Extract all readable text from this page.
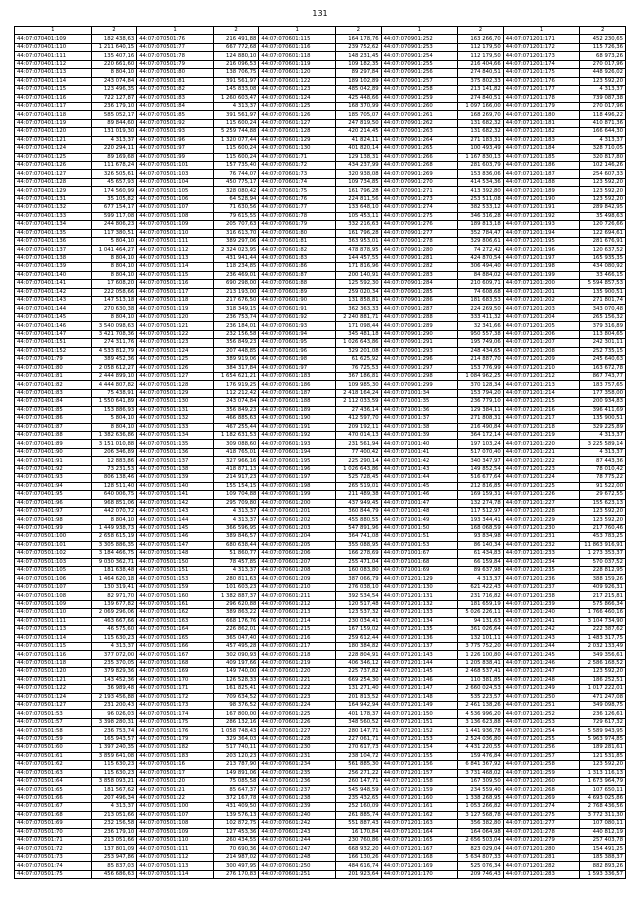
131
1	2	1	2	1	2	1	2	1	2
44:07:070401:109	182 438,63	44:07:070501:76	216 491,88	44:07:070601:115	164 178,76	44:07:070901:252	163 266,70	44:07:071201:171	452 230,65
44:07:070401:110	1 211 640,15	44:07:070501:77	667 772,68	44:07:070601:116	239 752,62	44:07:070901:253	112 179,50	44:07:071201:172	115 726,36
44:07:070401:111	135 407,16	44:07:070501:78	124 880,10	44:07:070601:118	148 231,45	44:07:070901:254	112 179,50	44:07:071201:173	68 973,26
44:07:070401:112	220 661,60	44:07:070501:79	216 096,53	44:07:070601:119	109 182,35	44:07:070901:255	216 404,66	44:07:071201:174	270 017,96
44:07:070401:113	8 804,10	44:07:070501:80	138 706,75	44:07:070601:120	89 297,84	44:07:070901:256	274 840,51	44:07:071201:175	448 926,02
44:07:070401:114	243 074,84	44:07:070501:81	391 561,97	44:07:070601:122	189 102,89	44:07:070901:257	375 802,33	44:07:071201:176	123 592,20
44:07:070401:115	123 496,35	44:07:070501:82	145 833,08	44:07:070601:123	485 042,89	44:07:070901:258	213 141,82	44:07:071201:177	4 313,37
44:07:070401:116	722 127,87	44:07:070501:83	1 260 603,47	44:07:070601:124	425 448,66	44:07:070901:259	274 840,51	44:07:071201:178	739 087,38
44:07:070401:117	236 179,10	44:07:070501:84	4 313,37	44:07:070601:125	168 370,99	44:07:070901:260	1 097 166,00	44:07:071201:179	270 017,96
44:07:070401:118	585 052,17	44:07:070501:85	391 561,97	44:07:070601:126	185 705,07	44:07:070901:261	168 269,70	44:07:071201:180	118 496,22
44:07:070401:119	89 844,60	44:07:070501:92	115 600,24	44:07:070601:127	247 819,50	44:07:070901:262	131 682,32	44:07:071201:181	410 871,36
44:07:070401:120	131 019,30	44:07:070501:93	5 259 744,88	44:07:070601:128	420 214,45	44:07:070901:263	131 682,32	44:07:071201:182	166 644,30
44:07:070401:121	4 313,37	44:07:070501:96	1 320 077,44	44:07:070601:129	41 824,11	44:07:070901:264	271 183,31	44:07:071201:183	4 313,37
44:07:070401:124	220 294,11	44:07:070501:97	115 600,24	44:07:070601:130	401 820,14	44:07:070901:265	100 493,49	44:07:071201:184	328 710,05
44:07:070401:125	89 169,68	44:07:070501:99	115 600,24	44:07:070601:71	129 138,31	44:07:070901:266	1 167 830,13	44:07:071201:185	320 817,80
44:07:070401:126	111 678,24	44:07:070501:101	157 735,40	44:07:070601:72	434 237,99	44:07:070901:268	281 603,79	44:07:071201:186	102 146,26
44:07:070401:127	326 505,61	44:07:070501:103	76 744,07	44:07:070601:73	320 938,08	44:07:070901:269	153 836,06	44:07:071201:187	254 607,33
44:07:070401:128	45 657,93	44:07:070501:104	450 775,17	44:07:070601:74	109 734,85	44:07:070901:270	414 534,36	44:07:071201:188	123 592,20
44:07:070401:129	174 560,99	44:07:070501:105	328 080,42	44:07:070601:75	161 796,28	44:07:070901:271	413 392,80	44:07:071201:189	123 592,20
44:07:070401:131	35 105,82	44:07:070501:106	64 528,94	44:07:070601:76	224 811,56	44:07:070901:273	253 511,08	44:07:071201:190	123 592,20
44:07:070401:132	677 154,17	44:07:070501:107	71 630,56	44:07:070601:77	133 648,10	44:07:070901:274	382 533,12	44:07:071201:191	289 842,95
44:07:070401:133	599 117,08	44:07:070501:108	79 615,55	44:07:070601:78	105 453,11	44:07:070901:275	346 316,28	44:07:071201:192	35 498,63
44:07:070401:134	244 806,23	44:07:070501:109	205 707,63	44:07:070601:79	332 216,63	44:07:070901:276	189 813,18	44:07:071201:193	120 726,66
44:07:070401:135	117 380,51	44:07:070501:110	316 613,70	44:07:070601:80	161 796,28	44:07:070901:277	352 784,47	44:07:071201:194	122 694,61
44:07:070401:136	5 804,10	44:07:070501:111	389 297,06	44:07:070601:81	363 953,01	44:07:070901:278	329 806,61	44:07:071201:195	281 676,91
44:07:070401:137	1 041 464,27	44:07:070501:112	2 324 023,95	44:07:070601:82	478 878,95	44:07:070901:280	74 272,42	44:07:071201:196	120 637,52
44:07:070401:138	8 804,10	44:07:070501:113	431 941,44	44:07:070601:83	144 457,55	44:07:070901:281	424 870,54	44:07:071201:197	165 935,35
44:07:070401:139	8 804,10	44:07:070501:114	118 234,85	44:07:070601:86	171 816,96	44:07:070901:282	306 494,40	44:07:071201:198	434 080,92
44:07:070401:140	8 804,10	44:07:070501:115	236 469,01	44:07:070601:87	200 140,91	44:07:070901:283	84 884,02	44:07:071201:199	33 466,15
44:07:070401:141	17 608,20	44:07:070501:116	690 298,00	44:07:070601:88	125 592,30	44:07:070901:284	210 609,71	44:07:071201:200	5 594 857,53
44:07:070401:142	222 058,66	44:07:070501:117	213 193,00	44:07:070601:89	259 020,34	44:07:070901:285	74 608,68	44:07:071201:201	135 900,51
44:07:070401:143	147 513,18	44:07:070501:118	217 676,50	44:07:070601:90	131 858,81	44:07:070901:286	181 683,53	44:07:071201:202	271 801,74
44:07:070401:144	270 630,38	44:07:070501:119	318 349,15	44:07:070601:91	362 363,33	44:07:070901:287	224 269,50	44:07:071201:203	343 070,48
44:07:070401:145	8 804,10	44:07:070501:120	236 753,74	44:07:070601:92	2 240 881,71	44:07:070901:288	333 411,32	44:07:071201:204	265 156,32
44:07:070401:146	3 540 098,63	44:07:070501:121	236 184,01	44:07:070601:93	171 098,44	44:07:070901:289	32 341,66	44:07:071201:205	379 316,89
44:07:070401:147	3 421 708,36	44:07:070501:122	232 156,58	44:07:070601:94	345 481,18	44:07:070901:290	950 557,38	44:07:071201:206	113 804,65
44:07:070401:151	274 311,76	44:07:070501:123	356 849,23	44:07:070601:95	1 026 643,86	44:07:070901:291	195 749,06	44:07:071201:207	242 301,11
44:07:070401:152	4 533 812,79	44:07:070501:124	207 448,85	44:07:070601:96	329 201,08	44:07:070901:293	248 434,65	44:07:071201:208	252 735,15
44:07:070401:79	389 452,36	44:07:070501:125	389 919,06	44:07:070601:98	61 625,92	44:07:070901:296	214 887,70	44:07:071201:209	245 640,63
44:07:070401:80	2 058 612,27	44:07:070501:126	384 317,84	44:07:070601:97	76 725,53	44:07:070901:297	153 776,99	44:07:071201:210	163 672,78
44:07:070401:81	2 444 899,10	44:07:070501:127	1 654 621,21	44:07:070601:183	367 186,81	44:07:070901:298	1 084 962,25	44:07:071201:212	867 743,77
44:07:070401:82	4 444 807,82	44:07:070501:128	176 919,25	44:07:070601:186	109 985,30	44:07:070901:299	370 128,34	44:07:071201:213	183 757,65
44:07:070401:83	75 438,91	44:07:070501:129	112 212,42	44:07:070601:187	2 418 164,24	44:07:071001:34	153 794,20	44:07:071201:214	177 358,00
44:07:070401:84	1 550 641,89	44:07:070501:130	243 074,84	44:07:070601:188	2 112 033,59	44:07:071001:35	236 779,10	44:07:071201:215	200 934,83
44:07:070401:85	153 886,93	44:07:070501:131	356 849,23	44:07:070601:189	27 436,14	44:07:071001:36	129 384,11	44:07:071201:216	396 411,69
44:07:070401:86	5 804,10	44:07:070501:132	466 885,63	44:07:070601:190	412 597,70	44:07:071001:37	271 808,31	44:07:071201:217	135 900,51
44:07:070401:87	8 804,10	44:07:070501:133	467 255,44	44:07:070601:191	209 192,11	44:07:071001:38	216 490,84	44:07:071201:218	329 225,89
44:07:070401:88	1 382 636,86	44:07:070501:134	1 182 631,53	44:07:070601:192	470 014,13	44:07:071001:39	364 172,14	44:07:071201:219	4 313,37
44:07:070401:89	3 151 010,88	44:07:070501:135	309 088,60	44:07:070601:193	231 561,94	44:07:071001:40	197 103,24	44:07:071201:220	3 225 589,14
44:07:070401:90	206 346,89	44:07:070501:136	418 765,01	44:07:070601:194	77 400,42	44:07:071001:41	517 070,40	44:07:071201:221	4 313,37
44:07:070401:91	12 883,86	44:07:070501:137	327 966,16	44:07:070601:195	225 290,14	44:07:071001:42	340 347,97	44:07:071201:222	87 443,36
44:07:070401:92	73 231,53	44:07:070501:138	418 871,13	44:07:070601:196	1 026 643,86	44:07:071001:43	149 852,54	44:07:071201:223	78 010,42
44:07:070401:93	806 138,46	44:07:070501:139	214 917,23	44:07:070601:197	525 728,45	44:07:071001:44	516 677,64	44:07:071201:224	78 775,22
44:07:070401:94	128 511,40	44:07:070501:140	155 154,15	44:07:070601:198	265 519,01	44:07:071001:45	212 816,85	44:07:071201:225	91 522,00
44:07:070401:95	640 006,75	44:07:070501:141	109 704,88	44:07:070601:199	211 489,38	44:07:071001:46	169 159,31	44:07:071201:226	29 672,55
44:07:070401:96	968 851,06	44:07:070501:142	295 709,80	44:07:070601:200	437 949,45	44:07:071001:47	132 274,78	44:07:071201:227	155 623,13
44:07:070401:97	442 070,72	44:07:070501:143	4 313,37	44:07:070601:201	360 844,79	44:07:071001:48	117 512,97	44:07:071201:228	123 592,20
44:07:070401:98	8 804,10	44:07:070501:144	4 313,37	44:07:070601:202	455 880,55	44:07:071001:49	193 344,41	44:07:071201:229	123 592,20
44:07:070401:99	1 449 938,73	44:07:070501:145	366 596,95	44:07:070601:203	547 891,96	44:07:071001:50	168 068,59	44:07:071201:230	217 760,46
44:07:070501:100	2 658 615,19	44:07:070501:146	389 846,57	44:07:070601:204	364 741,08	44:07:071001:51	93 834,98	44:07:071201:231	453 783,25
44:07:070501:101	3 305 886,35	44:07:070501:147	680 638,44	44:07:070601:205	355 088,95	44:07:071001:53	86 140,34	44:07:071201:232	11 863 916,91
44:07:070501:102	3 184 466,75	44:07:070501:148	51 860,77	44:07:070601:206	166 278,69	44:07:071001:67	61 434,83	44:07:071201:233	1 273 353,37
44:07:070501:103	9 030 362,71	44:07:070501:150	78 457,85	44:07:070601:207	255 471,04	44:07:071001:68	66 159,84	44:07:071201:234	570 037,52
44:07:070501:105	181 638,48	44:07:070501:151	4 313,37	44:07:070601:208	160 083,80	44:07:071001:69	89 637,98	44:07:071201:235	228 812,95
44:07:070501:106	1 464 620,18	44:07:070501:153	280 811,63	44:07:070601:209	387 066,79	44:07:071201:129	4 313,37	44:07:071201:236	388 159,26
44:07:070501:107	130 319,41	44:07:070501:159	101 603,23	44:07:070601:210	276 038,10	44:07:071201:130	621 422,43	44:07:071201:237	409 926,31
44:07:070501:108	82 971,70	44:07:070501:160	1 382 887,37	44:07:070601:211	392 534,54	44:07:071201:131	231 716,82	44:07:071201:238	217 215,81
44:07:070501:109	139 677,82	44:07:070501:161	296 620,88	44:07:070601:212	120 517,48	44:07:071201:132	181 659,19	44:07:071201:239	575 866,34
44:07:070501:110	2 069 296,06	44:07:070501:162	389 863,22	44:07:070601:213	123 537,32	44:07:071201:133	5 026 226,11	44:07:071201:240	1 766 460,16
44:07:070501:111	463 667,66	44:07:070501:163	668 176,76	44:07:070601:214	230 034,41	44:07:071201:134	94 131,63	44:07:071201:241	3 104 734,90
44:07:070501:113	46 575,60	44:07:070501:164	226 862,01	44:07:070601:215	167 159,02	44:07:071201:135	361 026,64	44:07:071201:242	222 387,62
44:07:070501:114	115 630,23	44:07:070501:165	365 047,40	44:07:070601:216	259 612,44	44:07:071201:136	132 101,11	44:07:071201:243	1 483 317,75
44:07:070501:115	4 313,37	44:07:070501:166	457 495,28	44:07:070601:217	180 384,82	44:07:071201:137	3 775 752,20	44:07:071201:244	2 032 133,49
44:07:070501:116	377 072,00	44:07:070501:167	302 090,93	44:07:070601:218	228 804,91	44:07:071201:143	1 226 100,80	44:07:071201:245	349 356,61
44:07:070501:118	235 370,05	44:07:070501:168	409 197,66	44:07:070601:219	406 346,12	44:07:071201:144	1 205 838,41	44:07:071201:246	2 586 168,52
44:07:070501:120	379 829,36	44:07:070501:169	149 740,00	44:07:070601:220	225 737,82	44:07:071201:145	2 468 537,41	44:07:071201:247	123 592,20
44:07:070501:121	143 452,36	44:07:070501:170	126 528,33	44:07:070601:221	669 254,30	44:07:071201:146	110 381,85	44:07:071201:248	186 252,51
44:07:070501:122	36 989,48	44:07:070501:171	161 825,41	44:07:070601:222	131 271,40	44:07:071201:147	2 660 024,53	44:07:071201:249	1 017 222,01
44:07:070501:124	2 193 456,88	44:07:070501:172	709 634,52	44:07:070601:223	201 813,52	44:07:071201:148	535 223,57	44:07:071201:250	471 247,08
44:07:070501:127	231 200,43	44:07:070501:173	98 376,52	44:07:070601:224	164 942,94	44:07:071201:149	2 461 138,26	44:07:071201:251	349 098,75
44:07:070501:53	96 026,03	44:07:070501:174	167 800,00	44:07:070601:225	401 178,37	44:07:071201:150	4 536 996,20	44:07:071201:252	236 126,61
44:07:070501:57	3 398 280,31	44:07:070501:175	286 132,16	44:07:070601:226	348 560,52	44:07:071201:151	3 136 623,88	44:07:071201:253	729 617,32
44:07:070501:58	236 753,74	44:07:070501:176	1 058 748,43	44:07:070601:227	280 147,71	44:07:071201:152	1 441 936,78	44:07:071201:254	5 589 943,95
44:07:070501:59	165 943,57	44:07:070501:179	329 364,03	44:07:070601:228	227 061,71	44:07:071201:153	2 524 036,80	44:07:071201:255	5 963 974,85
44:07:070501:60	1 397 240,35	44:07:070501:182	517 740,11	44:07:070601:230	270 617,73	44:07:071201:154	4 431 220,55	44:07:071201:256	189 281,61
44:07:070501:61	3 859 641,08	44:07:070501:183	203 120,23	44:07:070601:231	238 104,72	44:07:071201:155	159 476,84	44:07:071201:257	121 531,85
44:07:070501:62	115 630,23	44:07:070501:16	213 787,90	44:07:070601:234	561 885,30	44:07:071201:156	6 841 367,92	44:07:071201:258	123 592,20
44:07:070501:63	115 630,23	44:07:070501:17	149 891,06	44:07:070601:235	256 271,22	44:07:071201:157	3 731 468,02	44:07:071201:259	1 313 116,13
44:07:070501:64	3 858 093,21	44:07:070501:20	75 085,58	44:07:070601:236	260 147,71	44:07:071201:158	167 309,50	44:07:071201:260	1 673 964,79
44:07:070501:65	181 567,62	44:07:070501:21	85 647,37	44:07:070601:237	545 948,59	44:07:071201:159	234 559,40	44:07:071201:268	107 650,11
44:07:070501:66	207 496,34	44:07:070501:22	372 167,78	44:07:070601:238	235 432,65	44:07:071201:160	1 338 268,95	44:07:071201:269	4 693 025,86
44:07:070501:67	4 313,37	44:07:070501:100	431 409,50	44:07:070601:239	252 160,09	44:07:071201:161	1 053 266,82	44:07:071201:274	2 768 436,56
44:07:070501:68	213 051,66	44:07:070501:107	139 576,13	44:07:070601:240	261 885,74	44:07:071201:162	3 127 568,78	44:07:071201:275	3 772 311,30
44:07:070501:69	232 156,58	44:07:070501:108	102 872,75	44:07:070601:242	551 887,43	44:07:071201:163	356 382,80	44:07:071201:277	107 080,11
44:07:070501:70	236 179,10	44:07:070501:109	127 453,36	44:07:070601:243	16 170,84	44:07:071201:164	164 064,98	44:07:071201:278	440 812,19
44:07:070501:71	213 051,66	44:07:070501:110	260 434,55	44:07:070601:244	230 760,86	44:07:071201:165	2 656 503,04	44:07:071201:279	257 403,78
44:07:070501:72	137 801,09	44:07:070501:111	70 690,36	44:07:070601:247	668 932,20	44:07:071201:167	823 029,04	44:07:071201:280	154 491,25
44:07:070501:73	253 947,86	44:07:070501:112	214 987,02	44:07:070601:248	166 130,26	44:07:071201:168	5 634 807,33	44:07:071201:281	185 388,37
44:07:070501:74	85 837,03	44:07:070501:113	300 497,95	44:07:070601:250	484 616,74	44:07:071201:169	525 076,34	44:07:071201:282	882 893,26
44:07:070501:75	456 686,63	44:07:070501:114	276 170,83	44:07:070601:251	201 923,64	44:07:071201:170	209 746,43	44:07:071201:283	1 593 336,57
